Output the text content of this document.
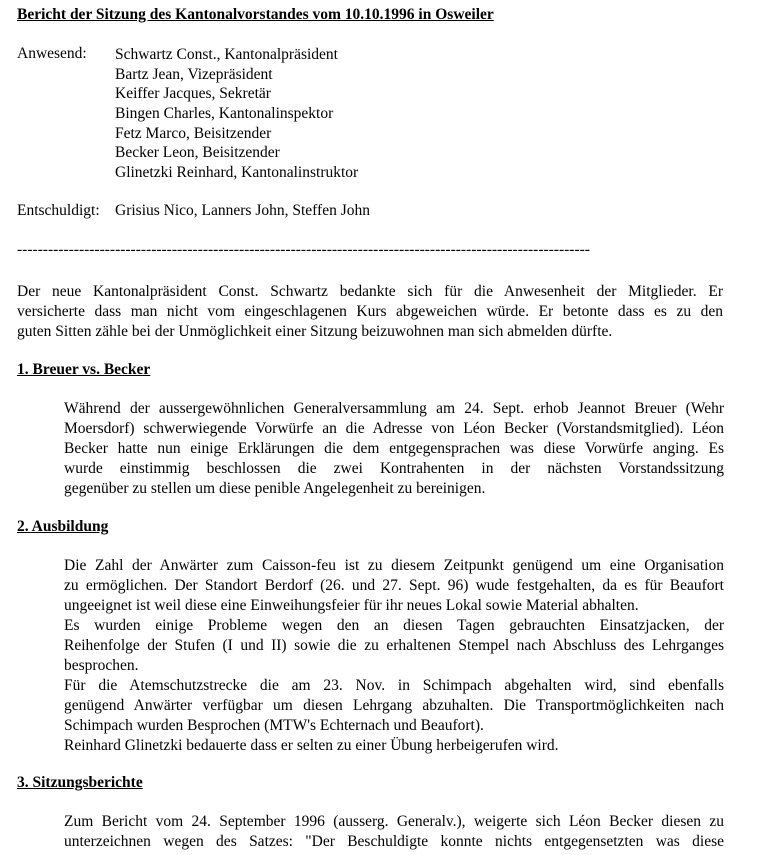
Bericht der Sitzung des Kantonalvorstandes vom 10.10.1996 in Osweiler
Anwesend: Schwartz Const., Kantonalpräsident
Bartz Jean, Vizepräsident
Keiffer Jacques, Sekretär
Bingen Charles, Kantonalinspektor
Fetz Marco, Beisitzender
Becker Leon, Beisitzender
Glinetzki Reinhard, Kantonalinstruktor
Entschuldigt: Grisius Nico, Lanners John, Steffen John
---------------------------------------------------------------------------------------------------------------
Der neue Kantonalpräsident Const. Schwartz bedankte sich für die Anwesenheit der Mitglieder. Er
versicherte dass man nicht vom eingeschlagenen Kurs abgeweichen würde. Er betonte dass es zu den
guten Sitten zähle bei der Unmöglichkeit einer Sitzung beizuwohnen man sich abmelden dürfte.
1. Breuer vs. Becker
Während der aussergewöhnlichen Generalversammlung am 24. Sept. erhob Jeannot Breuer (Wehr
Moersdorf) schwerwiegende Vorwürfe an die Adresse von Léon Becker (Vorstandsmitglied). Léon
Becker hatte nun einige Erklärungen die dem entgegensprachen was diese Vorwürfe anging. Es
wurde einstimmig beschlossen die zwei Kontrahenten in der nächsten Vorstandssitzung
gegenüber zu stellen um diese penible Angelegenheit zu bereinigen.
2. Ausbildung
Die Zahl der Anwärter zum Caisson-feu ist zu diesem Zeitpunkt genügend um eine Organisation
zu ermöglichen. Der Standort Berdorf (26. und 27. Sept. 96) wude festgehalten, da es für Beaufort
ungeeignet ist weil diese eine Einweihungsfeier für ihr neues Lokal sowie Material abhalten.
Es wurden einige Probleme wegen den an diesen Tagen gebrauchten Einsatzjacken, der
Reihenfolge der Stufen (I und II) sowie die zu erhaltenen Stempel nach Abschluss des Lehrganges
besprochen.
Für die Atemschutzstrecke die am 23. Nov. in Schimpach abgehalten wird, sind ebenfalls
genügend Anwärter verfügbar um diesen Lehrgang abzuhalten. Die Transportmöglichkeiten nach
Schimpach wurden Besprochen (MTW's Echternach und Beaufort).
Reinhard Glinetzki bedauerte dass er selten zu einer Übung herbeigerufen wird.
3. Sitzungsberichte
Zum Bericht vom 24. September 1996 (ausserg. Generalv.), weigerte sich Léon Becker diesen zu
unterzeichnen wegen des Satzes: "Der Beschuldigte konnte nichts entgegensetzten was diese
